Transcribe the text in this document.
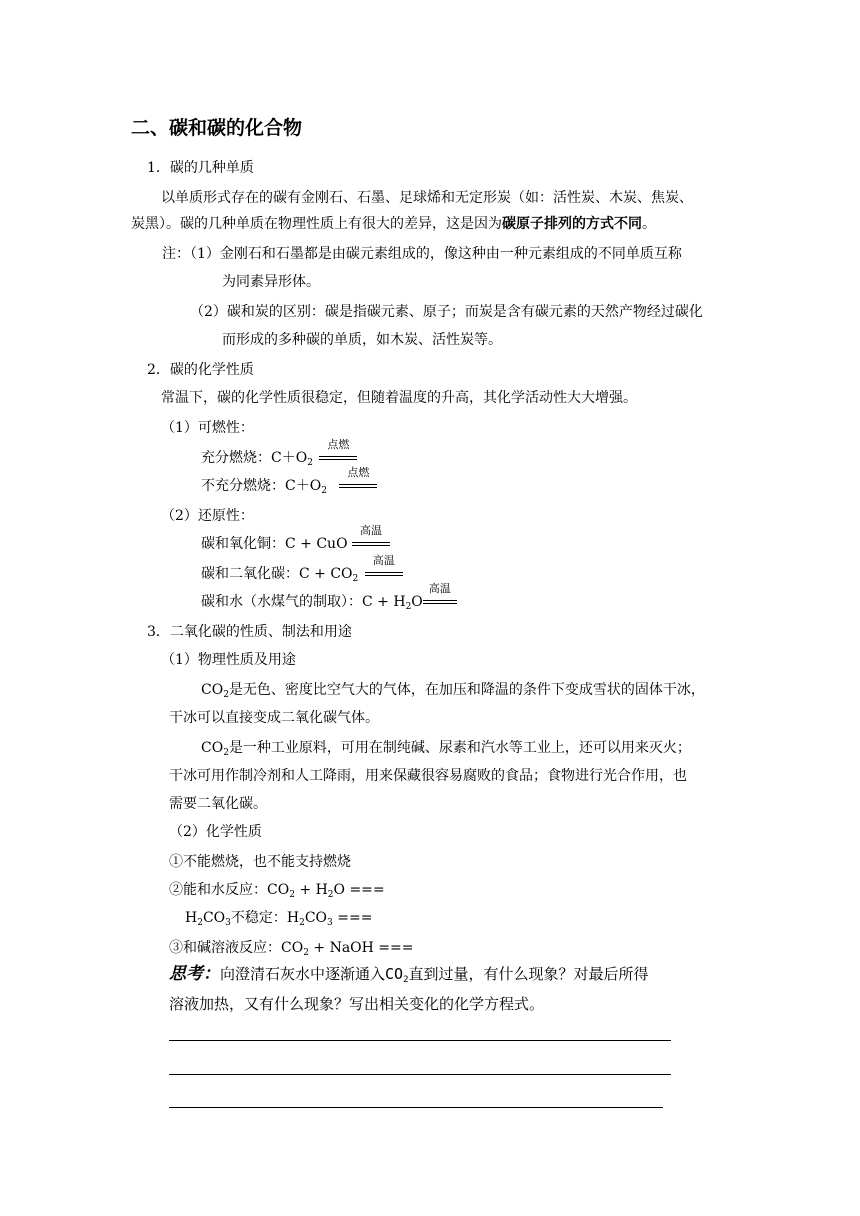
二、碳和碳的化合物
1．碳的几种单质
以单质形式存在的碳有金刚石、石墨、足球烯和无定形炭（如：活性炭、木炭、焦炭、
炭黑）。碳的几种单质在物理性质上有很大的差异，这是因为碳原子排列的方式不同。
注：（1）金刚石和石墨都是由碳元素组成的，像这种由一种元素组成的不同单质互称
为同素异形体。
（2）碳和炭的区别：碳是指碳元素、原子；而炭是含有碳元素的天然产物经过碳化
而形成的多种碳的单质，如木炭、活性炭等。
2．碳的化学性质
常温下，碳的化学性质很稳定，但随着温度的升高，其化学活动性大大增强。
（1）可燃性：
充分燃烧：$C+O_2$
点燃
不充分燃烧：$C+O_2$
点燃
（2）还原性：
碳和氧化铜：C + CuO
高温
碳和二氧化碳：$C + CO_2$
高温
碳和水（水煤气的制取）：$C + H_2O$
高温
3．二氧化碳的性质、制法和用途
（1）物理性质及用途
$CO_2$是无色、密度比空气大的气体，在加压和降温的条件下变成雪状的固体干冰，
干冰可以直接变成二氧化碳气体。
$CO_2$是一种工业原料，可用在制纯碱、尿素和汽水等工业上，还可以用来灭火；
干冰可用作制冷剂和人工降雨，用来保藏很容易腐败的食品；食物进行光合作用，也
需要二氧化碳。
（2）化学性质
①不能燃烧，也不能支持燃烧
②能和水反应：$CO_2 + H_2O$ ===
$H_2CO_3$不稳定：$H_2CO_3$ ===
③和碱溶液反应：$CO_2$ + NaOH ===
思考：向澄清石灰水中逐渐通入$CO_2$直到过量，有什么现象？对最后所得
溶液加热，又有什么现象？写出相关变化的化学方程式。
